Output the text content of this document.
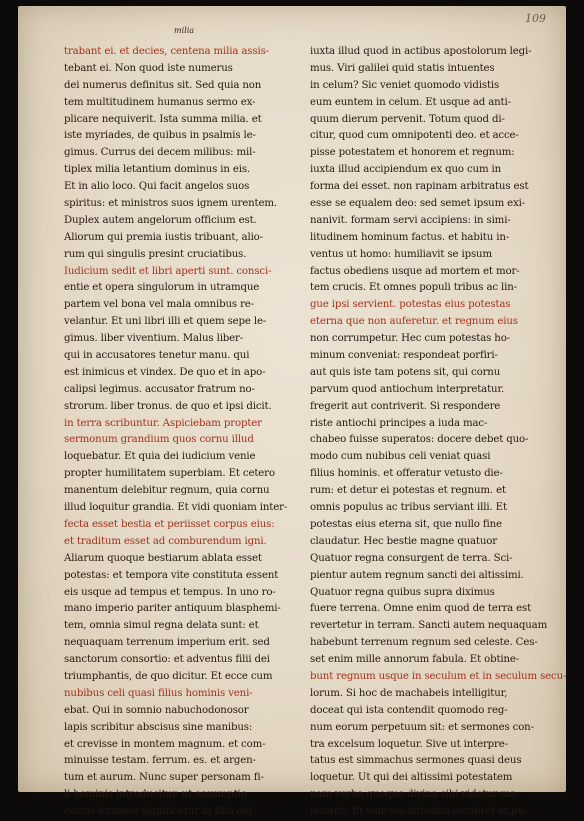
109
milia
trabant ei. et decies, centena milia assis-
tebant ei. Non quod iste numerus
dei numerus definitus sit. Sed quia non
tem multitudinem humanus sermo ex-
plicare nequiverit. Ista summa milia. et
iste myriades, de quibus in psalmis le-
gimus. Currus dei decem milibus: mil-
tiplex milia letantium dominus in eis.
Et in alio loco. Qui facit angelos suos
spiritus: et ministros suos ignem urentem.
Duplex autem angelorum officium est.
Aliorum qui premia iustis tribuant, alio-
rum qui singulis presint cruciatibus.
Iudicium sedit et libri aperti sunt. consci-
entie et opera singulorum in utramque
partem vel bona vel mala omnibus re-
velantur. Et uni libri illi et quem sepe le-
gimus. liber viventium. Malus liber-
qui in accusatores tenetur manu. qui
est inimicus et vindex. De quo et in apo-
calipsi legimus. accusator fratrum no-
strorum. liber tronus. de quo et ipsi dicit.
in terra scribuntur. Aspiciebam propter
sermonum grandium quos cornu illud
loquebatur. Et quia dei iudicium venie
propter humilitatem superbiam. Et cetero
manentum delebitur regnum, quia cornu
illud loquitur grandia. Et vidi quoniam inter-
fecta esset bestia et periisset corpus eius:
et traditum esset ad comburendum igni.
Aliarum quoque bestiarum ablata esset
potestas: et tempora vite constituta essent
eis usque ad tempus et tempus. In uno ro-
mano imperio pariter antiquum blasphemi-
tem, omnia simul regna delata sunt: et
nequaquam terrenum imperium erit. sed
sanctorum consortio: et adventus filii dei
triumphantis, de quo dicitur. Et ecce cum
nubibus celi quasi filius hominis veni-
ebat. Qui in somnio nabuchodonosor
lapis scribitur abscisus sine manibus:
et crevisse in montem magnum. et com-
minuisse testam. ferrum. es. et argen-
tum et aurum. Nunc super personam fi-
li hominis introducitur. ut assumptio
carnis humane significetur in filio dei.
iuxta illud quod in actibus apostolorum legi-
mus. Viri galilei quid statis intuentes
in celum? Sic veniet quomodo vidistis
eum euntem in celum. Et usque ad anti-
quum dierum pervenit. Totum quod di-
citur, quod cum omnipotenti deo. et acce-
pisse potestatem et honorem et regnum:
iuxta illud accipiendum ex quo cum in
forma dei esset. non rapinam arbitratus est
esse se equalem deo: sed semet ipsum exi-
nanivit. formam servi accipiens: in simi-
litudinem hominum factus. et habitu in-
ventus ut homo: humiliavit se ipsum
factus obediens usque ad mortem et mor-
tem crucis. Et omnes populi tribus ac lin-
gue ipsi servient. potestas eius potestas
eterna que non auferetur. et regnum eius
non corrumpetur. Hec cum potestas ho-
minum conveniat: respondeat porfiri-
aut quis iste tam potens sit, qui cornu
parvum quod antiochum interpretatur.
fregerit aut contriverit. Si respondere
riste antiochi principes a iuda mac-
chabeo fuisse superatos: docere debet quo-
modo cum nubibus celi veniat quasi
filius hominis. et offeratur vetusto die-
rum: et detur ei potestas et regnum. et
omnis populus ac tribus serviant illi. Et
potestas eius eterna sit, que nullo fine
claudatur. Hec bestie magne quatuor
Quatuor regna consurgent de terra. Sci-
pientur autem regnum sancti dei altissimi.
Quatuor regna quibus supra diximus
fuere terrena. Omne enim quod de terra est
revertetur in terram. Sancti autem nequaquam
habebunt terrenum regnum sed celeste. Ces-
set enim mille annorum fabula. Et obtine-
bunt regnum usque in seculum et in seculum secu-
lorum. Si hoc de machabeis intelligitur,
doceat qui ista contendit quomodo reg-
num eorum perpetuum sit: et sermones con-
tra excelsum loquetur. Sive ut interpre-
tatus est simmachus sermones quasi deus
loquetur. Ut qui dei altissimi potestatem
nam verba quoque divina sibi videtur ma-
iestatis. Et sanctos altissimi conteret et pu-
